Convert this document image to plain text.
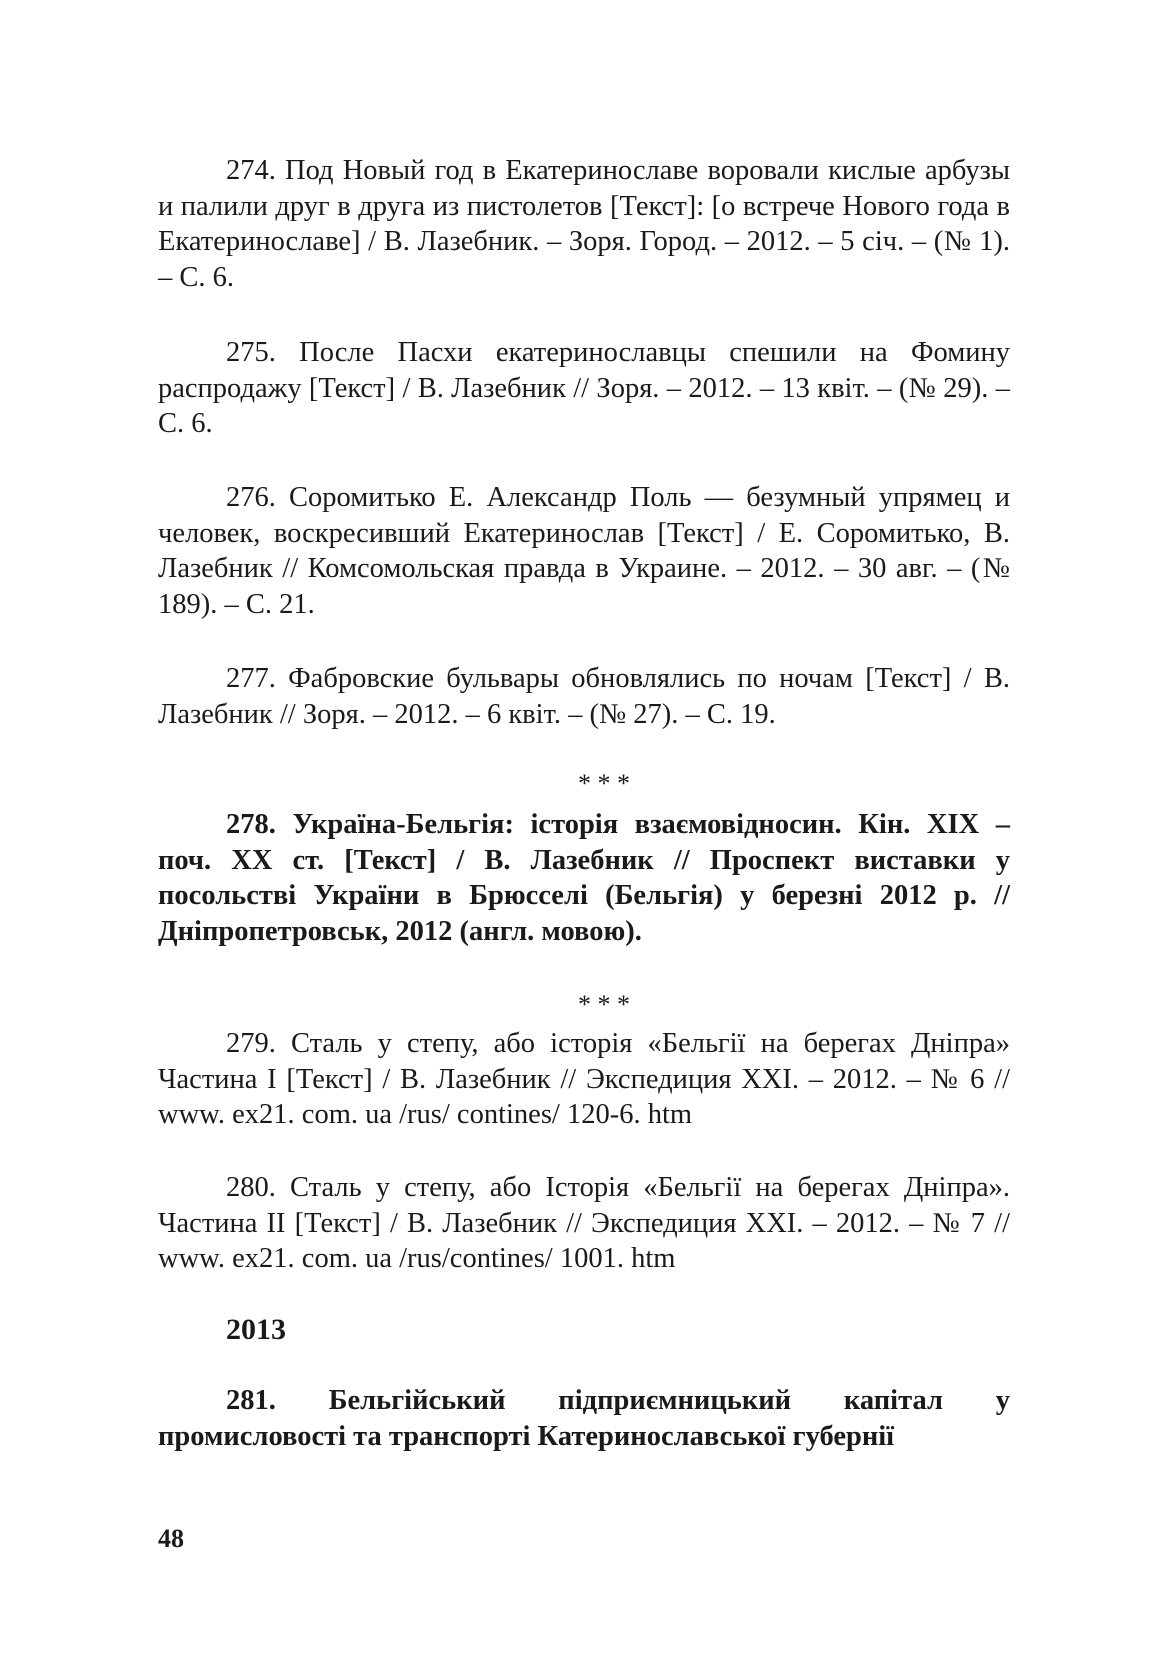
274. Под Новый год в Екатеринославе воровали кислые арбузы и палили друг в друга из пистолетов [Текст]: [о встрече Нового года в Екатеринославе] / В. Лазебник. – Зоря. Город. – 2012. – 5 січ. – (№ 1). – С. 6.

275. После Пасхи екатеринославцы спешили на Фомину распродажу [Текст] / В. Лазебник // Зоря. – 2012. – 13 квіт. – (№ 29). – С. 6.

276. Соромитько Е. Александр Поль — безумный упрямец и человек, воскресивший Екатеринослав [Текст] / Е. Соромитько, В. Лазебник // Комсомольская правда в Украине. – 2012. – 30 авг. – (№ 189). – С. 21.

277. Фабровские бульвары обновлялись по ночам [Текст] / В. Лазебник // Зоря. – 2012. – 6 квіт. – (№ 27). – С. 19.

* * *

278. Україна-Бельгія: історія взаємовідносин. Кін. XIX – поч. XX ст. [Текст] / В. Лазебник // Проспект виставки у посольстві України в Брюсселі (Бельгія) у березні 2012 р. // Дніпропетровськ, 2012 (англ. мовою).

* * *

279. Сталь у степу, або історія «Бельгії на берегах Дніпра» Частина I [Текст] / В. Лазебник // Экспедиция XXI. – 2012. – № 6 // www. ex21. com. ua /rus/ contines/ 120-6. htm

280. Сталь у степу, або Історія «Бельгії на берегах Дніпра». Частина II [Текст] / В. Лазебник // Экспедиция XXI. – 2012. – № 7 // www. ex21. com. ua /rus/contines/ 1001. htm

2013

281. Бельгійський підприємницький капітал у промисловості та транспорті Катеринославської губернії

48
